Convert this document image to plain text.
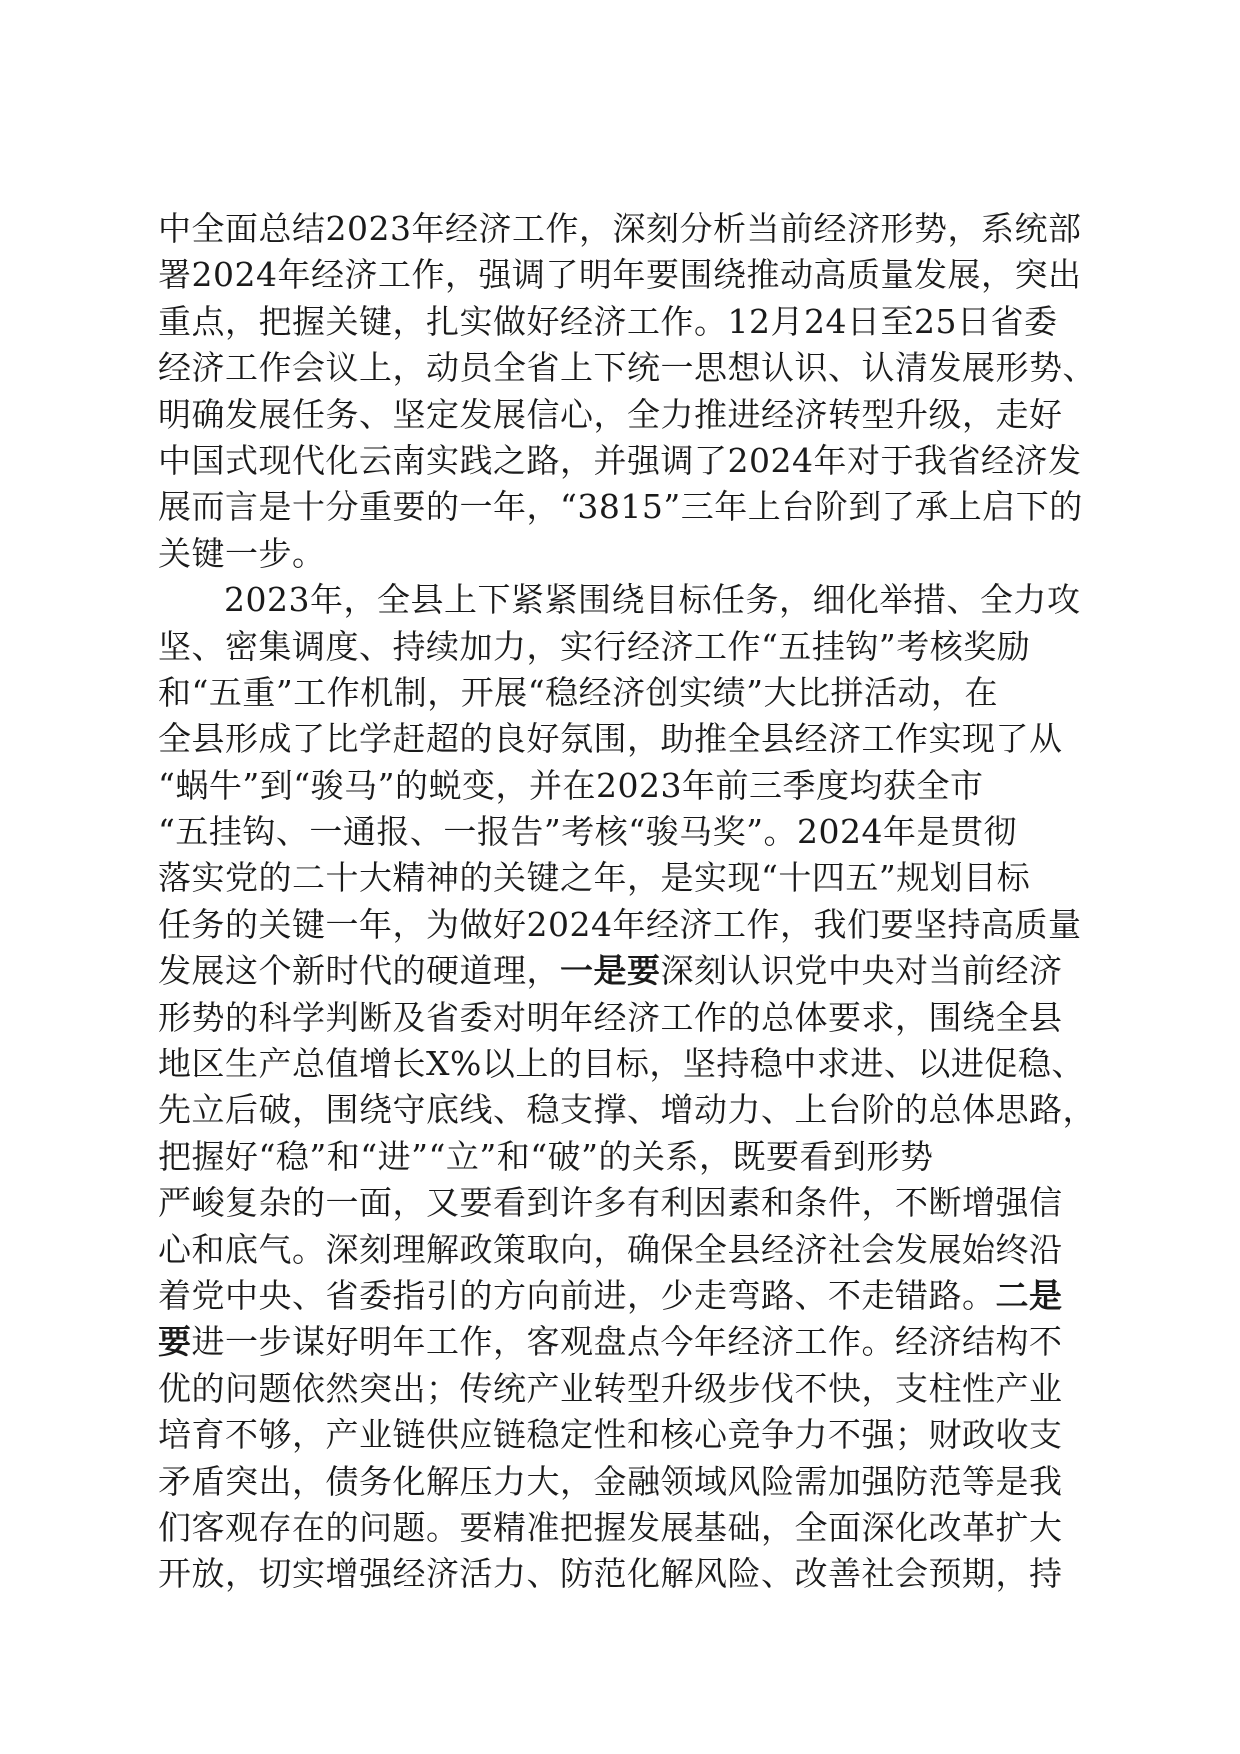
中全面总结2023年经济工作，深刻分析当前经济形势，系统部
署2024年经济工作，强调了明年要围绕推动高质量发展，突出
重点，把握关键，扎实做好经济工作。12月24日至25日省委
经济工作会议上，动员全省上下统一思想认识、认清发展形势、
明确发展任务、坚定发展信心，全力推进经济转型升级，走好
中国式现代化云南实践之路，并强调了2024年对于我省经济发
展而言是十分重要的一年，“3815”三年上台阶到了承上启下的
关键一步。
2023年，全县上下紧紧围绕目标任务，细化举措、全力攻
坚、密集调度、持续加力，实行经济工作“五挂钩”考核奖励
和“五重”工作机制，开展“稳经济创实绩”大比拼活动，在
全县形成了比学赶超的良好氛围，助推全县经济工作实现了从
“蜗牛”到“骏马”的蜕变，并在2023年前三季度均获全市
“五挂钩、一通报、一报告”考核“骏马奖”。2024年是贯彻
落实党的二十大精神的关键之年，是实现“十四五”规划目标
任务的关键一年，为做好2024年经济工作，我们要坚持高质量
发展这个新时代的硬道理，一是要深刻认识党中央对当前经济
形势的科学判断及省委对明年经济工作的总体要求，围绕全县
地区生产总值增长X%以上的目标，坚持稳中求进、以进促稳、
先立后破，围绕守底线、稳支撑、增动力、上台阶的总体思路，
把握好“稳”和“进”“立”和“破”的关系，既要看到形势
严峻复杂的一面，又要看到许多有利因素和条件，不断增强信
心和底气。深刻理解政策取向，确保全县经济社会发展始终沿
着党中央、省委指引的方向前进，少走弯路、不走错路。二是
要进一步谋好明年工作，客观盘点今年经济工作。经济结构不
优的问题依然突出；传统产业转型升级步伐不快，支柱性产业
培育不够，产业链供应链稳定性和核心竞争力不强；财政收支
矛盾突出，债务化解压力大，金融领域风险需加强防范等是我
们客观存在的问题。要精准把握发展基础，全面深化改革扩大
开放，切实增强经济活力、防范化解风险、改善社会预期，持
